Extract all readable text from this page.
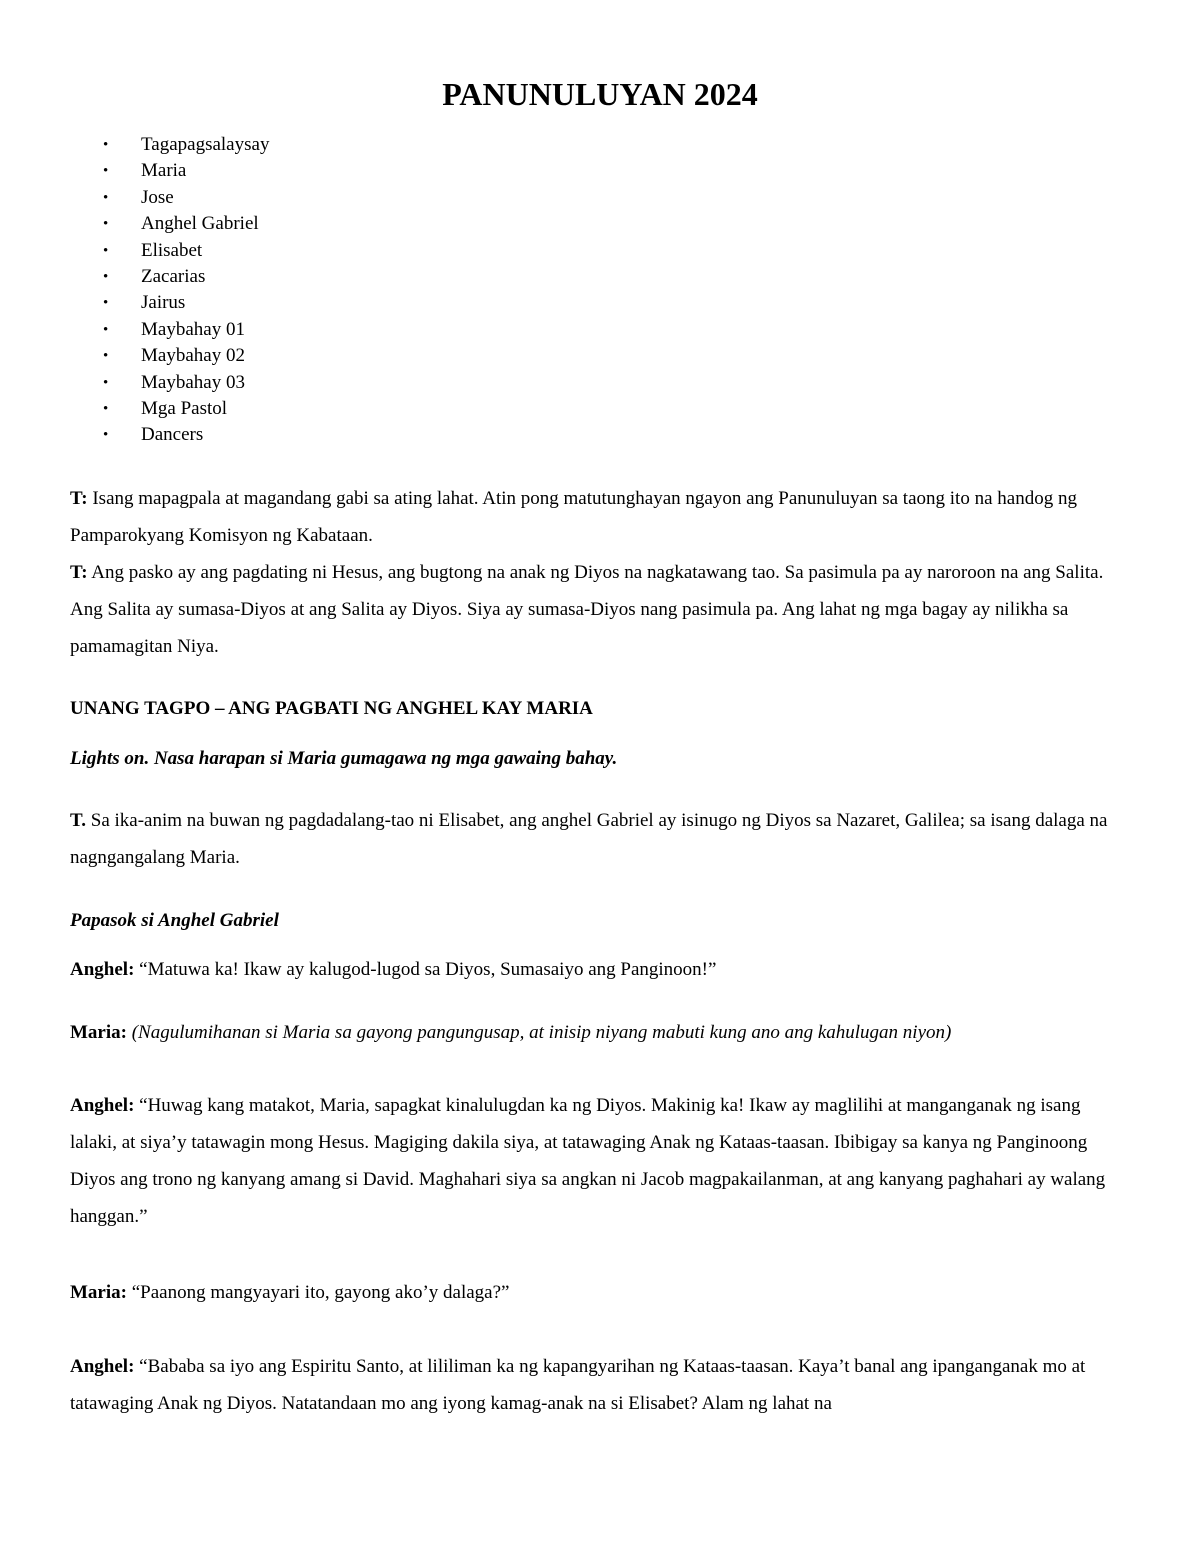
PANUNULUYAN 2024
• Tagapagsalaysay
• Maria
• Jose
• Anghel Gabriel
• Elisabet
• Zacarias
• Jairus
• Maybahay 01
• Maybahay 02
• Maybahay 03
• Mga Pastol
• Dancers

T: Isang mapagpala at magandang gabi sa ating lahat. Atin pong matutunghayan ngayon ang Panunuluyan sa taong ito na handog ng Pamparokyang Komisyon ng Kabataan.

T: Ang pasko ay ang pagdating ni Hesus, ang bugtong na anak ng Diyos na nagkatawang tao. Sa pasimula pa ay naroroon na ang Salita. Ang Salita ay sumasa-Diyos at ang Salita ay Diyos. Siya ay sumasa-Diyos nang pasimula pa. Ang lahat ng mga bagay ay nilikha sa pamamagitan Niya.

UNANG TAGPO – ANG PAGBATI NG ANGHEL KAY MARIA

Lights on. Nasa harapan si Maria gumagawa ng mga gawaing bahay.

T. Sa ika-anim na buwan ng pagdadalang-tao ni Elisabet, ang anghel Gabriel ay isinugo ng Diyos sa Nazaret, Galilea; sa isang dalaga na nagngangalang Maria.

Papasok si Anghel Gabriel

Anghel: “Matuwa ka! Ikaw ay kalugod-lugod sa Diyos, Sumasaiyo ang Panginoon!”

Maria: (Nagulumihanan si Maria sa gayong pangungusap, at inisip niyang mabuti kung ano ang kahulugan niyon)

Anghel: “Huwag kang matakot, Maria, sapagkat kinalulugdan ka ng Diyos. Makinig ka! Ikaw ay maglilihi at manganganak ng isang lalaki, at siya’y tatawagin mong Hesus. Magiging dakila siya, at tatawaging Anak ng Kataas-taasan. Ibibigay sa kanya ng Panginoong Diyos ang trono ng kanyang amang si David. Maghahari siya sa angkan ni Jacob magpakailanman, at ang kanyang paghahari ay walang hanggan.”

Maria: “Paanong mangyayari ito, gayong ako’y dalaga?”

Anghel: “Bababa sa iyo ang Espiritu Santo, at lililiman ka ng kapangyarihan ng Kataas-taasan. Kaya’t banal ang ipanganganak mo at tatawaging Anak ng Diyos. Natatandaan mo ang iyong kamag-anak na si Elisabet? Alam ng lahat na
